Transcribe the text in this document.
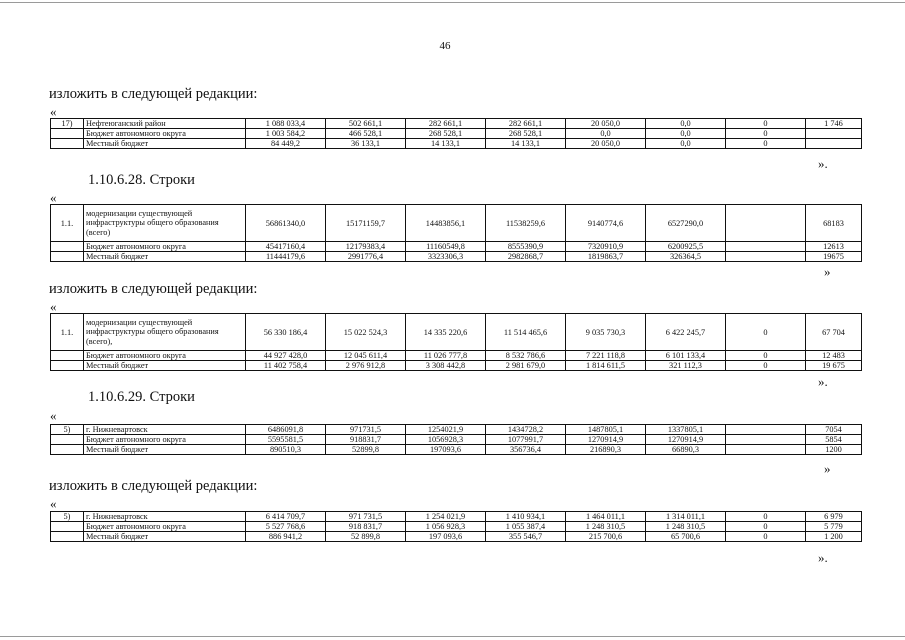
46
изложить в следующей редакции:
«
17)	Нефтеюганский район	1 088 033,4	502 661,1	282 661,1	282 661,1	20 050,0	0,0	0	1 746
	Бюджет автономного округа	1 003 584,2	466 528,1	268 528,1	268 528,1	0,0	0,0	0	
	Местный бюджет	84 449,2	36 133,1	14 133,1	14 133,1	20 050,0	0,0	0	
».
1.10.6.28. Строки
«
1.1.	модернизации существующей инфраструктуры общего образования (всего)	56861340,0	15171159,7	14483856,1	11538259,6	9140774,6	6527290,0		68183
	Бюджет автономного округа	45417160,4	12179383,4	11160549,8	8555390,9	7320910,9	6200925,5		12613
	Местный бюджет	11444179,6	2991776,4	3323306,3	2982868,7	1819863,7	326364,5		19675
»
изложить в следующей редакции:
«
1.1.	модернизации существующей инфраструктуры общего образования (всего),	56 330 186,4	15 022 524,3	14 335 220,6	11 514 465,6	9 035 730,3	6 422 245,7	0	67 704
	Бюджет автономного округа	44 927 428,0	12 045 611,4	11 026 777,8	8 532 786,6	7 221 118,8	6 101 133,4	0	12 483
	Местный бюджет	11 402 758,4	2 976 912,8	3 308 442,8	2 981 679,0	1 814 611,5	321 112,3	0	19 675
».
1.10.6.29. Строки
«
5)	г. Нижневартовск	6486091,8	971731,5	1254021,9	1434728,2	1487805,1	1337805,1		7054
	Бюджет автономного округа	5595581,5	918831,7	1056928,3	1077991,7	1270914,9	1270914,9		5854
	Местный бюджет	890510,3	52899,8	197093,6	356736,4	216890,3	66890,3		1200
»
изложить в следующей редакции:
«
5)	г. Нижневартовск	6 414 709,7	971 731,5	1 254 021,9	1 410 934,1	1 464 011,1	1 314 011,1	0	6 979
	Бюджет автономного округа	5 527 768,6	918 831,7	1 056 928,3	1 055 387,4	1 248 310,5	1 248 310,5	0	5 779
	Местный бюджет	886 941,2	52 899,8	197 093,6	355 546,7	215 700,6	65 700,6	0	1 200
».
